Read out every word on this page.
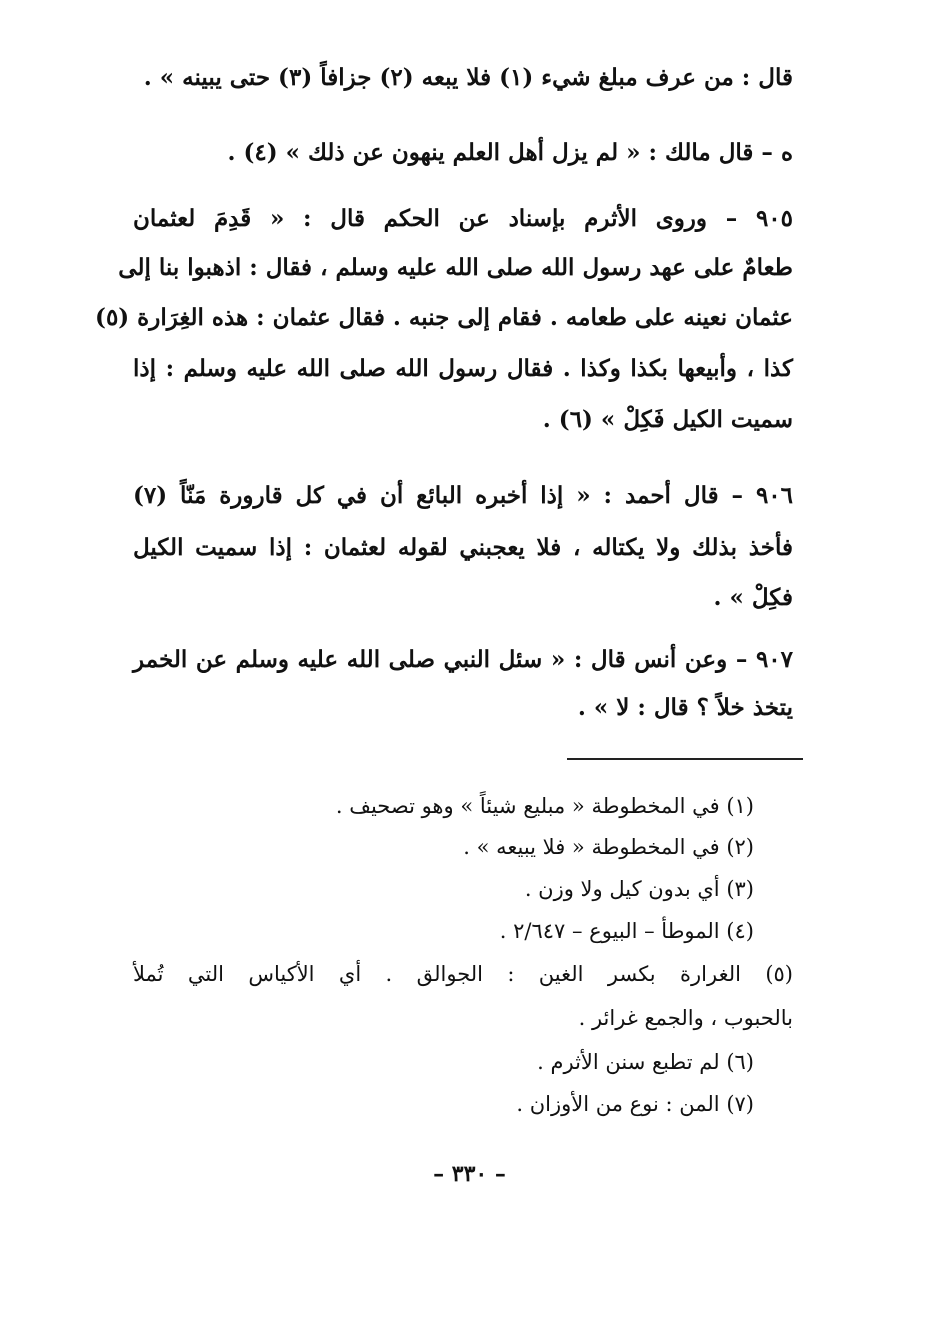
قال : من عرف مبلغ شيء (١) فلا يبعه (٢) جزافاً (٣) حتى يبينه » .
ه – قال مالك : « لم يزل أهل العلم ينهون عن ذلك » (٤) .
٩٠٥ – وروى الأثرم بإسناد عن الحكم قال : « قَدِمَ لعثمان
طعامٌ على عهد رسول الله صلى الله عليه وسلم ، فقال : اذهبوا بنا إلى
عثمان نعينه على طعامه . فقام إلى جنبه . فقال عثمان : هذه الغِرَارة (٥)
كذا ، وأبيعها بكذا وكذا . فقال رسول الله صلى الله عليه وسلم : إذا
سميت الكيل فَكِلْ » (٦) .
٩٠٦ – قال أحمد : « إذا أخبره البائع أن في كل قارورة مَنّاً (٧)
فأخذ بذلك ولا يكتاله ، فلا يعجبني لقوله لعثمان : إذا سميت الكيل
فكِلْ » .
٩٠٧ – وعن أنس قال : « سئل النبي صلى الله عليه وسلم عن الخمر
يتخذ خلاً ؟ قال : لا » .
(١) في المخطوطة « مبليع شيئاً » وهو تصحيف .
(٢) في المخطوطة « فلا يبيعه » .
(٣) أي بدون كيل ولا وزن .
(٤) الموطأ – البيوع – ٢/٦٤٧ .
(٥) الغرارة بكسر الغين : الجوالق . أي الأكياس التي تُملأ
بالحبوب ، والجمع غرائر .
(٦) لم تطبع سنن الأثرم .
(٧) المن : نوع من الأوزان .
– ٣٣٠ –
